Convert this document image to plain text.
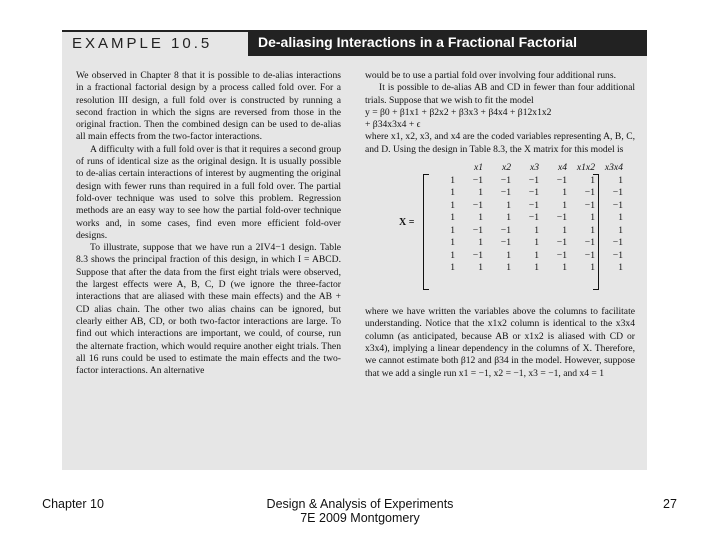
EXAMPLE 10.5	De-aliasing Interactions in a Fractional Factorial

We observed in Chapter 8 that it is possible to de-alias interactions in a fractional factorial design by a process called fold over. For a resolution III design, a full fold over is constructed by running a second fraction in which the signs are reversed from those in the original fraction. Then the combined design can be used to de-alias all main effects from the two-factor interactions.

A difficulty with a full fold over is that it requires a second group of runs of identical size as the original design. It is usually possible to de-alias certain interactions of interest by augmenting the original design with fewer runs than required in a full fold over. The partial fold-over technique was used to solve this problem. Regression methods are an easy way to see how the partial fold-over technique works and, in some cases, find even more efficient fold-over designs.

To illustrate, suppose that we have run a 2IV4−1 design. Table 8.3 shows the principal fraction of this design, in which I = ABCD. Suppose that after the data from the first eight trials were observed, the largest effects were A, B, C, D (we ignore the three-factor interactions that are aliased with these main effects) and the AB + CD alias chain. The other two alias chains can be ignored, but clearly either AB, CD, or both two-factor interactions are large. To find out which interactions are important, we could, of course, run the alternate fraction, which would require another eight trials. Then all 16 runs could be used to estimate the main effects and the two-factor interactions. An alternative

would be to use a partial fold over involving four additional runs.

It is possible to de-alias AB and CD in fewer than four additional trials. Suppose that we wish to fit the model

y = β0 + β1x1 + β2x2 + β3x3 + β4x4 + β12x1x2

+ β34x3x4 + ϵ

where x1, x2, x3, and x4 are the coded variables representing A, B, C, and D. Using the design in Table 8.3, the X matrix for this model is

X =
	x1	x2	x3	x4	x1x2	x3x4
1	−1	−1	−1	−1	1	1
1	1	−1	−1	1	−1	−1
1	−1	1	−1	1	−1	−1
1	1	1	−1	−1	1	1
1	−1	−1	1	1	1	1
1	1	−1	1	−1	−1	−1
1	−1	1	1	−1	−1	−1
1	1	1	1	1	1	1

where we have written the variables above the columns to facilitate understanding. Notice that the x1x2 column is identical to the x3x4 column (as anticipated, because AB or x1x2 is aliased with CD or x3x4), implying a linear dependency in the columns of X. Therefore, we cannot estimate both β12 and β34 in the model. However, suppose that we add a single run x1 = −1, x2 = −1, x3 = −1, and x4 = 1

Chapter 10	Design & Analysis of Experiments
7E 2009 Montgomery
27
